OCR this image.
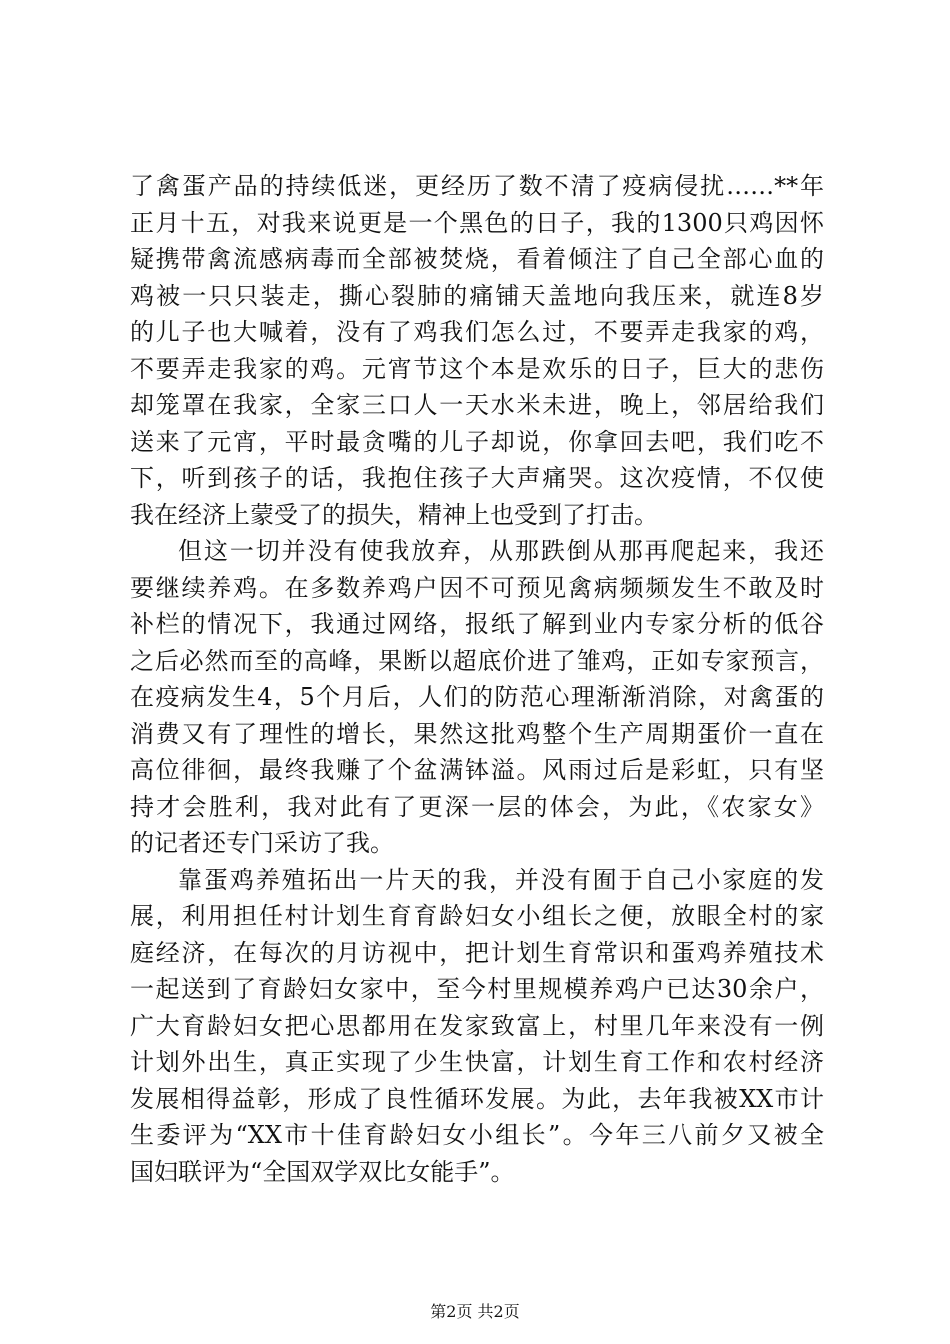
了禽蛋产品的持续低迷，更经历了数不清了疫病侵扰……**年
正月十五，对我来说更是一个黑色的日子，我的1300只鸡因怀
疑携带禽流感病毒而全部被焚烧，看着倾注了自己全部心血的
鸡被一只只装走，撕心裂肺的痛铺天盖地向我压来，就连8岁
的儿子也大喊着，没有了鸡我们怎么过，不要弄走我家的鸡，
不要弄走我家的鸡。元宵节这个本是欢乐的日子，巨大的悲伤
却笼罩在我家，全家三口人一天水米未进，晚上，邻居给我们
送来了元宵，平时最贪嘴的儿子却说，你拿回去吧，我们吃不
下，听到孩子的话，我抱住孩子大声痛哭。这次疫情，不仅使
我在经济上蒙受了的损失，精神上也受到了打击。
但这一切并没有使我放弃，从那跌倒从那再爬起来，我还
要继续养鸡。在多数养鸡户因不可预见禽病频频发生不敢及时
补栏的情况下，我通过网络，报纸了解到业内专家分析的低谷
之后必然而至的高峰，果断以超底价进了雏鸡，正如专家预言，
在疫病发生4，5个月后，人们的防范心理渐渐消除，对禽蛋的
消费又有了理性的增长，果然这批鸡整个生产周期蛋价一直在
高位徘徊，最终我赚了个盆满钵溢。风雨过后是彩虹，只有坚
持才会胜利，我对此有了更深一层的体会，为此，《农家女》
的记者还专门采访了我。
靠蛋鸡养殖拓出一片天的我，并没有囿于自己小家庭的发
展，利用担任村计划生育育龄妇女小组长之便，放眼全村的家
庭经济，在每次的月访视中，把计划生育常识和蛋鸡养殖技术
一起送到了育龄妇女家中，至今村里规模养鸡户已达30余户，
广大育龄妇女把心思都用在发家致富上，村里几年来没有一例
计划外出生，真正实现了少生快富，计划生育工作和农村经济
发展相得益彰，形成了良性循环发展。为此，去年我被XX市计
生委评为“XX市十佳育龄妇女小组长”。今年三八前夕又被全
国妇联评为“全国双学双比女能手”。
第2页 共2页
